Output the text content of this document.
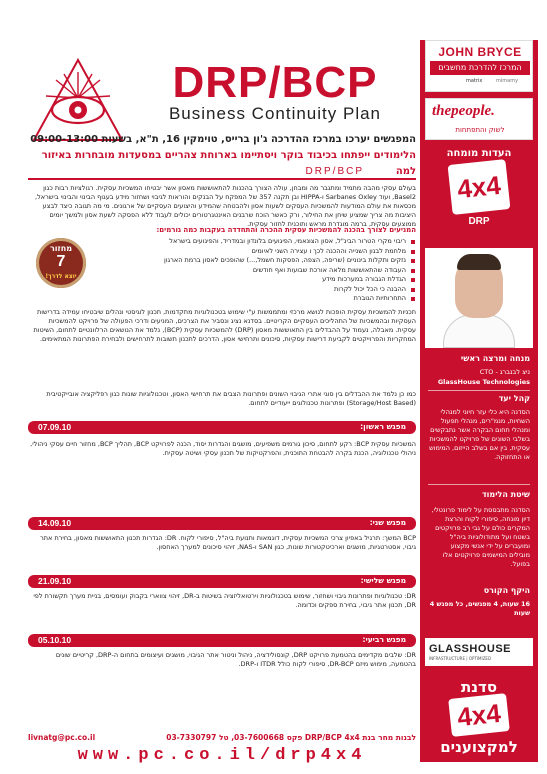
DRP/BCP
Business Continuity Plan
המפגשים יערכו במרכז ההדרכה ג'ון ברייס, טוימקין 16, ת"א, בשעות 09:00-13:00
הלימודים ייפתחו בכיבוד בוקר ויסתיימו בארוחת צהריים במסעדות מובחרות באיזור
למה
DRP/BCP
בעולם עסקי מהבה מתמיד ומתגבר מה ומבחן, עולה הצורך בהכנות להתאוששות מאסון אשר יבטיחו המשכיות עסקית. רגולציות רבות כגון Basel2, ועוד Sarbanes Oxley ו-HIPPA ובן תקנה 357 של המפקח על הבנקים והוראות לגיבוי ושחזור מידע בעגוף הבינוי והבינוי בישראל, מכסאות את עולם המודעות להמשכיות העסקים לשעות אסון ולהבטחה שהמידע והיצועים העסקיים של ארגונים. מי מה תגובה כיצד לבצע היציבות מה צריך שמציע שיחן את החילור, ורק כאשר הוכח שרבנים האינטגרטורים יכולים לעבוד ללא הפסקה לשעת אסון ולמשך יומים ממוצעים עסקית, ברמה מוגדרת מראש ותוכנית לחזור עסקית.
המניעים לצורך בהכנה להמשכיות עסקית ההכרה והתחדדה בעקבות כמה גורמים:
ריבוי מקרי הטרור הבינ"ל, אסון הצונאמי, הפיגועים בלונדון ובמדריד, והפיגועים בישראל
מלחמת לבנון השנייה וההכנה לכך ו עצירה השני לאיומים
נזקים ותקלות בינוניים (שריפה, הצפה, הפסקות חשמל,...) שהופכים לאסון ברמת הארגון
העבודה שהתאוששות מלאה אורכת שבועות ואף חודשים
הגדלת הגבורה במערכות מידע
ההבנה כי הכל יכול לקרות
התחרותיות הגוברת
מחזור
7
יוצא לדרך!
תכניות להמשכיות עסקית הופכות לנושא מרכזי ומתממשות ע"י שימוש בטכנולוגיות מתקדמות, תכנון לוגיסטי ונהלים שיבטיחו עמידה בדרישות העסקיות ובהמשכיות של התהליכים העסקיים הקריטיים. בסדנא נציג ונסביר את הצרכים, המניעים ודרכי הפעולה של פרויקט להמשכיות עסקית. מאבלה, נעמוד על ההבדלים בין התאוששות מאסון (DRP) להמשכיות עסקית (BCP), נלמד את הנושאים הרלוונטיים לתחום, השיטות המחקריות והפרוייקטים לקביעת דרישות עסקיות, סיכונים ותרחישי אסון, הדרכים לתכנון תשובות לתרחישים ולבחירת הפתרונות המתאימים.
כמו כן נלמד את ההבדלים בין סוגי אתרי הגיבוי השונים ופתרונות הצבים את תרחישי האסון, וטכנולוגיות שונות כגון רפליקציה אובייקטיבית (Storage/Host Based) ופתרונות טכנולוגים ייעודיים לתחום.
מפגש ראשון:
07.09.10
המשכיות עסקית BCP: רקע לתחום, סיכון גורמים משפיעים, מושגים והגדרות יסוד, הכנה לפרויקט BCP, תהליך BCP, מחזור חיים עסקי ניהולי, ניהולי טכנולוגיה, הכנת בקרה להבטחת התוכנית, והפרקטיקות של תכנון עסקי ושיטה עסקית.
מפגש שני:
14.09.10
BCP המשך: תרגיל באפיון צרכי המשכיות עסקית, דוגמאות ותנועת ביה"ל, סיפורי לקוח. DR: הגדרות תכנון התאוששות מאסון, בחירת אתר גיבוי, אסטרטגיות, מושגים וארכיטקטורות שונות, כגון SAN ו-NAS, זיהוי סיכונים למערך האחסון.
מפגש שלישי:
21.09.10
DR: טכנולוגיות ופתרונות גיבוי ושחזור, שימוש בטכנולוגיות וירטואליזציה בשיטות ב-DR, זיהוי צווארי בקבוק ועומסים, בניית מערך תקשורת לפי DR, תכנון אתר גיבוי, בחירת ספקים וכדומה.
מפגש רביעי:
05.10.10
DR: שלבים מקדימים בהטמעת פרויקט DRP, קונסולידציה, ניהול וניטור אתר הגיבוי, מושגים ועיצומים בתחום ה-DRP, קריטיים שונים בהטמעה, מימוש מיזם DR-BCP, סיפורי לקוח כולל ITDR ו-DRP.
לבנות מחר בנת DRP/BCP 4x4 פקס 03-7600668, טל 03-7330797
livnatg@pc.co.il
www.pc.co.il/drp4x4
JOHN BRYCE
המרכז להדרכת מחשבים
matrix	mimamy
thepeople.
לשוק והתפתחות
העדות מומחה
4x4
DRP
מנחה ומרצה ראשי
ניצ לבנברג - CTO
GlassHouse Technologies
קהל יעד
הסדנה היא כלי עזר חיוני למנהלי השחיות, מנמ"רים, מנהלי תפעול ומנהלי תחום הבקרה אשר נתבקשים בשלבי השונים של פרויקט להמשכיות עסקית, בין אם בשלב הייזום, המימוש או התחזוקה.
שיטת הלימוד
הסדנה מתבססת על לימוד פרונטלי, דיון מונחה, סיפורי לקוח והרצת המקרים כולם על גבי רב פרויקטים בשטח ועל מתודולוגיות ביה"ל ומועברים על ידי אנשי מקצוע מובילים המישמים פרויקטים אלו בפועל.
היקף הקורס
16 שעות, 4 מפגשים, כל מפגש 4 שעות
GLASSHOUSE
INFRASTRUCTURE | OPTIMIZED
סדנת
4x4
למקצוענים
